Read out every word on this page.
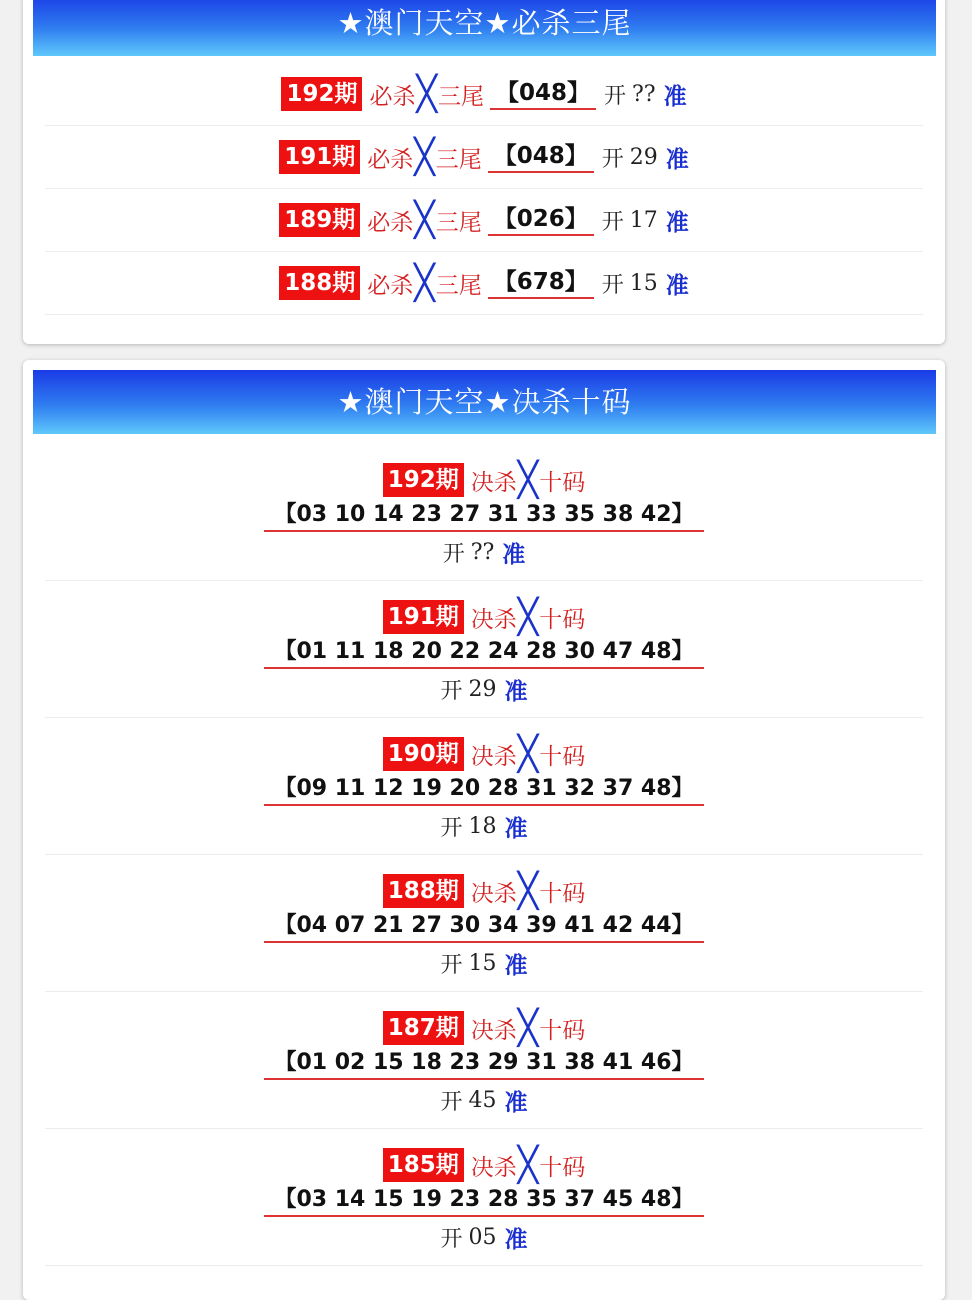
★澳门天空★必杀三尾
192期 必杀 ╳ 三尾 【048】 开 ?? 准
191期 必杀 ╳ 三尾 【048】 开 29 准
189期 必杀 ╳ 三尾 【026】 开 17 准
188期 必杀 ╳ 三尾 【678】 开 15 准
★澳门天空★决杀十码
192期 决杀 ╳ 十码
【03 10 14 23 27 31 33 35 38 42】
开 ?? 准
191期 决杀 ╳ 十码
【01 11 18 20 22 24 28 30 47 48】
开 29 准
190期 决杀 ╳ 十码
【09 11 12 19 20 28 31 32 37 48】
开 18 准
188期 决杀 ╳ 十码
【04 07 21 27 30 34 39 41 42 44】
开 15 准
187期 决杀 ╳ 十码
【01 02 15 18 23 29 31 38 41 46】
开 45 准
185期 决杀 ╳ 十码
【03 14 15 19 23 28 35 37 45 48】
开 05 准
